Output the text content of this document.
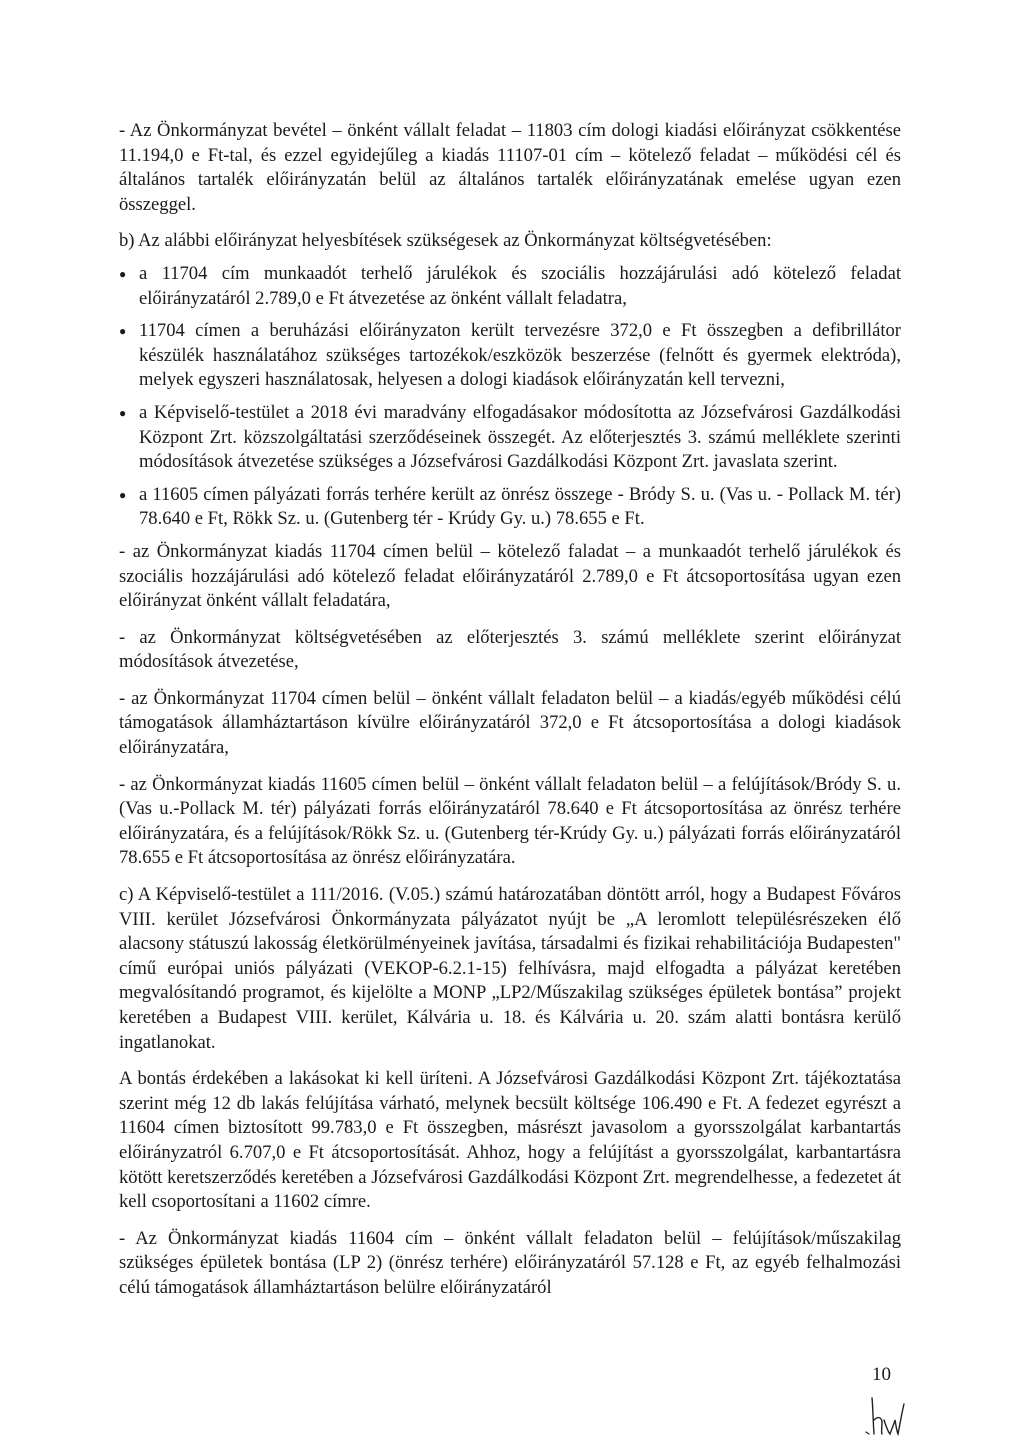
- Az Önkormányzat bevétel – önként vállalt feladat – 11803 cím dologi kiadási előirányzat csökkentése 11.194,0 e Ft-tal, és ezzel egyidejűleg a kiadás 11107-01 cím – kötelező feladat – működési cél és általános tartalék előirányzatán belül az általános tartalék előirányzatának emelése ugyan ezen összeggel.

b) Az alábbi előirányzat helyesbítések szükségesek az Önkormányzat költségvetésében:

● a 11704 cím munkaadót terhelő járulékok és szociális hozzájárulási adó kötelező feladat előirányzatáról 2.789,0 e Ft átvezetése az önként vállalt feladatra,
● 11704 címen a beruházási előirányzaton került tervezésre 372,0 e Ft összegben a defibrillátor készülék használatához szükséges tartozékok/eszközök beszerzése (felnőtt és gyermek elektróda), melyek egyszeri használatosak, helyesen a dologi kiadások előirányzatán kell tervezni,
● a Képviselő-testület a 2018 évi maradvány elfogadásakor módosította az Józsefvárosi Gazdálkodási Központ Zrt. közszolgáltatási szerződéseinek összegét. Az előterjesztés 3. számú melléklete szerinti módosítások átvezetése szükséges a Józsefvárosi Gazdálkodási Központ Zrt. javaslata szerint.
● a 11605 címen pályázati forrás terhére került az önrész összege - Bródy S. u. (Vas u. - Pollack M. tér) 78.640 e Ft, Rökk Sz. u. (Gutenberg tér - Krúdy Gy. u.) 78.655 e Ft.

- az Önkormányzat kiadás 11704 címen belül – kötelező faladat – a munkaadót terhelő járulékok és szociális hozzájárulási adó kötelező feladat előirányzatáról 2.789,0 e Ft átcsoportosítása ugyan ezen előirányzat önként vállalt feladatára,

- az Önkormányzat költségvetésében az előterjesztés 3. számú melléklete szerint előirányzat módosítások átvezetése,

- az Önkormányzat 11704 címen belül – önként vállalt feladaton belül – a kiadás/egyéb működési célú támogatások államháztartáson kívülre előirányzatáról 372,0 e Ft átcsoportosítása a dologi kiadások előirányzatára,

- az Önkormányzat kiadás 11605 címen belül – önként vállalt feladaton belül – a felújítások/Bródy S. u. (Vas u.-Pollack M. tér) pályázati forrás előirányzatáról 78.640 e Ft átcsoportosítása az önrész terhére előirányzatára, és a felújítások/Rökk Sz. u. (Gutenberg tér-Krúdy Gy. u.) pályázati forrás előirányzatáról 78.655 e Ft átcsoportosítása az önrész előirányzatára.

c) A Képviselő-testület a 111/2016. (V.05.) számú határozatában döntött arról, hogy a Budapest Főváros VIII. kerület Józsefvárosi Önkormányzata pályázatot nyújt be „A leromlott településrészeken élő alacsony státuszú lakosság életkörülményeinek javítása, társadalmi és fizikai rehabilitációja Budapesten" című európai uniós pályázati (VEKOP-6.2.1-15) felhívásra, majd elfogadta a pályázat keretében megvalósítandó programot, és kijelölte a MONP „LP2/Műszakilag szükséges épületek bontása” projekt keretében a Budapest VIII. kerület, Kálvária u. 18. és Kálvária u. 20. szám alatti bontásra kerülő ingatlanokat.

A bontás érdekében a lakásokat ki kell üríteni. A Józsefvárosi Gazdálkodási Központ Zrt. tájékoztatása szerint még 12 db lakás felújítása várható, melynek becsült költsége 106.490 e Ft. A fedezet egyrészt a 11604 címen biztosított 99.783,0 e Ft összegben, másrészt javasolom a gyorsszolgálat karbantartás előirányzatról 6.707,0 e Ft átcsoportosítását. Ahhoz, hogy a felújítást a gyorsszolgálat, karbantartásra kötött keretszerződés keretében a Józsefvárosi Gazdálkodási Központ Zrt. megrendelhesse, a fedezetet át kell csoportosítani a 11602 címre.

- Az Önkormányzat kiadás 11604 cím – önként vállalt feladaton belül – felújítások/műszakilag szükséges épületek bontása (LP 2) (önrész terhére) előirányzatáról 57.128 e Ft, az egyéb felhalmozási célú támogatások államháztartáson belülre előirányzatáról

10
